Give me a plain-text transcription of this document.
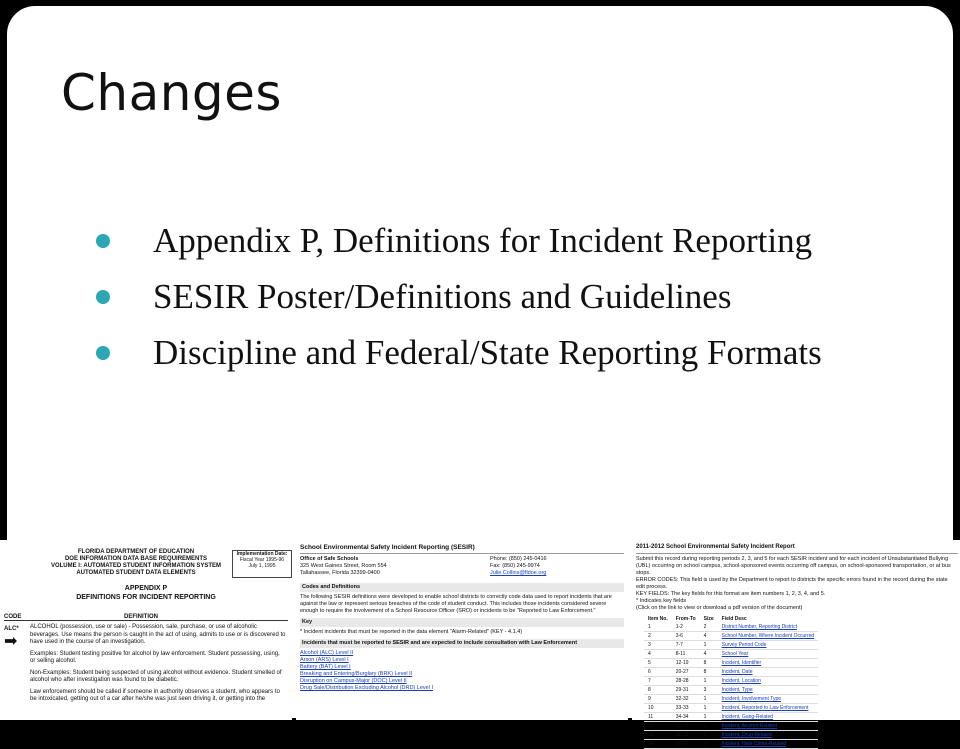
Changes
Appendix P, Definitions for Incident Reporting
SESIR Poster/Definitions and Guidelines
Discipline and Federal/State Reporting Formats
FLORIDA DEPARTMENT OF EDUCATION
DOE INFORMATION DATA BASE REQUIREMENTS
VOLUME I: AUTOMATED STUDENT INFORMATION SYSTEM
AUTOMATED STUDENT DATA ELEMENTS
Implementation Date:
Fiscal Year 1995-96
July 1, 1995
APPENDIX P
DEFINITIONS FOR INCIDENT REPORTING
CODE	DEFINITION
ALC*
➡

ALCOHOL (possession, use or sale) - Possession, sale, purchase, or use of alcoholic beverages. Use means the person is caught in the act of using, admits to use or is discovered to have used in the course of an investigation.

Examples: Student testing positive for alcohol by law enforcement. Student possessing, using, or selling alcohol.

Non-Examples: Student being suspected of using alcohol without evidence. Student smelled of alcohol who after investigation was found to be diabetic.

Law enforcement should be called if someone in authority observes a student, who appears to be intoxicated, getting out of a car after he/she was just seen driving it, or getting into the

School Environmental Safety Incident Reporting (SESIR)
Office of Safe Schools
325 West Gaines Street, Room 554
Tallahassee, Florida 32399-0400
Phone: (850) 245-0416
Fax: (850) 245-9974
Julie.Collins@fldoe.org
Codes and Definitions
The following SESIR definitions were developed to enable school districts to correctly code data used to report incidents that are against the law or represent serious breaches of the code of student conduct. This includes those incidents considered severe enough to require the involvement of a School Resource Officer (SRO) or incidents to be "Reported to Law Enforcement."
Key
* Incident incidents that must be reported in the data element "Alarm-Related" (KEY - 4.1.4)
Incidents that must be reported to SESIR and are expected to include consultation with Law Enforcement
Alcohol (ALC) Level II
Arson (ARS) Level I
Battery (BAT) Level I
Breaking and Entering/Burglary (BRK) Level II
Disruption on Campus-Major (DOC) Level II
Drug Sale/Distribution Excluding Alcohol (DRD) Level I
2011-2012 School Environmental Safety Incident Report
Submit this record during reporting periods 2, 3, and 5 for each SESIR incident and for each incident of Unsubstantiated Bullying (UBL) occurring on school campus, school-sponsored events occurring off campus, on school-sponsored transportation, or at bus stops.
ERROR CODES: This field is used by the Department to report to districts the specific errors found in the record during the state edit process.
KEY FIELDS: The key fields for this format are item numbers 1, 2, 3, 4, and 5.
* Indicates key fields
(Click on the link to view or download a pdf version of the document)
Item No.	From-To	Size	Field Desc
1	1-2	2	District Number, Reporting District
2	3-6	4	School Number, Where Incident Occurred
3	7-7	1	Survey Period Code
4	8-11	4	School Year
5	12-19	8	Incident, Identifier
6	20-27	8	Incident, Date
7	28-28	1	Incident, Location
8	29-31	3	Incident, Type
9	32-32	1	Incident, Involvement Type
10	33-33	1	Incident, Reported to Law Enforcement
11	34-34	1	Incident, Gang-Related
12	35-35	1	Incident, Alcohol-Related
13	36-36	1	Incident, Drug-Related
14	37-37	1	Incident, Hate Crime-Related
